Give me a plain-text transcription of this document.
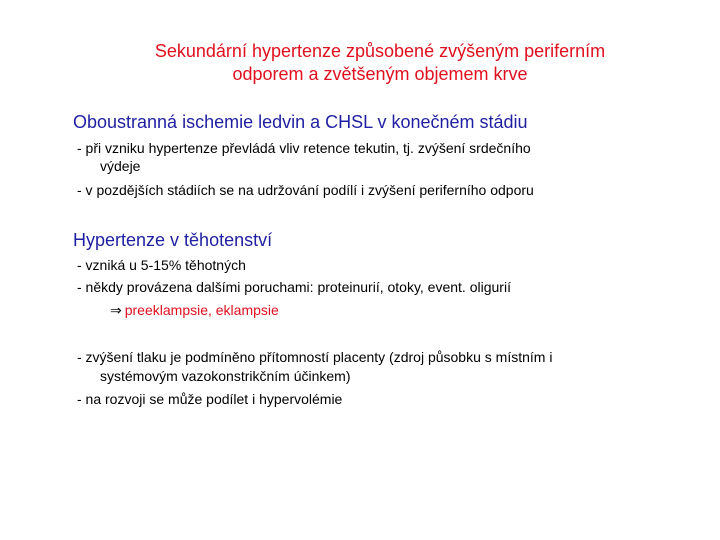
Sekundární hypertenze způsobené zvýšeným periferním
odporem a zvětšeným objemem krve
Oboustranná ischemie ledvin a CHSL v konečném stádiu
- při vzniku hypertenze převládá vliv retence tekutin, tj. zvýšení srdečního
výdeje
- v pozdějších stádiích se na udržování podílí i zvýšení periferního odporu
Hypertenze v těhotenství
- vzniká u 5-15% těhotných
- někdy provázena dalšími poruchami: proteinurií, otoky, event. oligurií
⇒ preeklampsie, eklampsie
- zvýšení tlaku je podmíněno přítomností placenty (zdroj působku s místním i
systémovým vazokonstrikčním účinkem)
- na rozvoji se může podílet i hypervolémie
